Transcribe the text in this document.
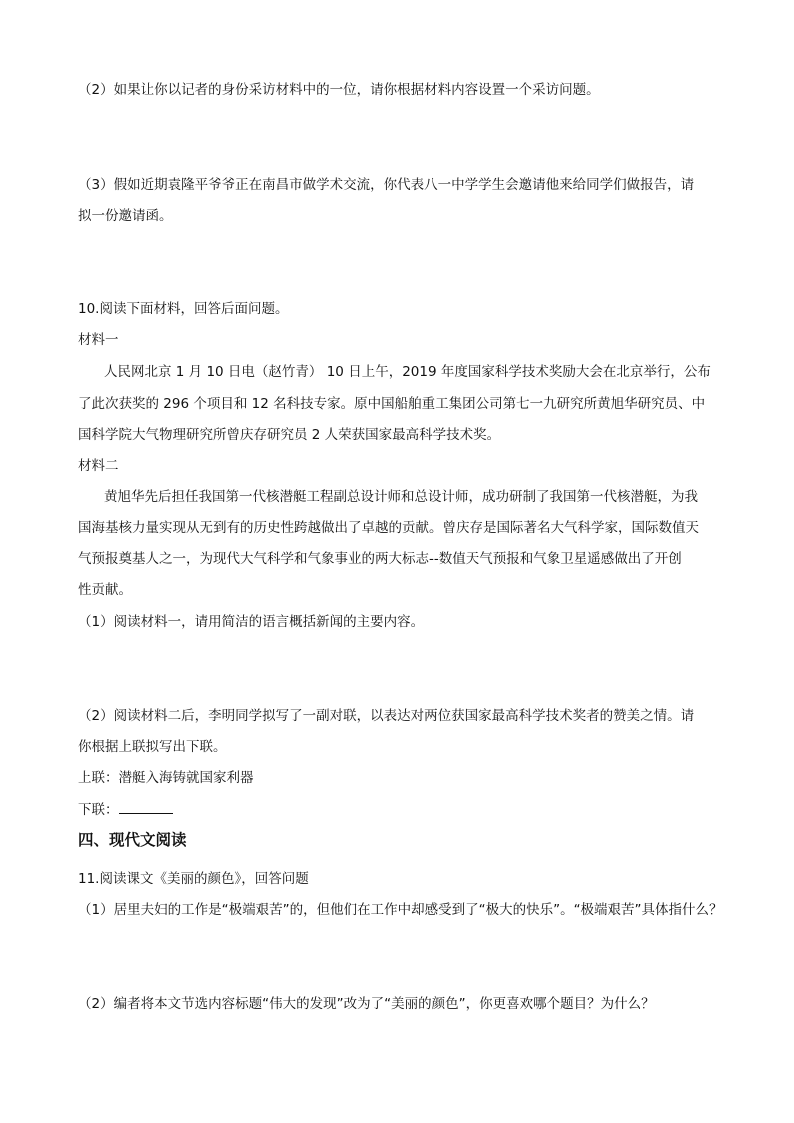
（2）如果让你以记者的身份采访材料中的一位，请你根据材料内容设置一个采访问题。
（3）假如近期袁隆平爷爷正在南昌市做学术交流，你代表八一中学学生会邀请他来给同学们做报告，请
拟一份邀请函。
10.阅读下面材料，回答后面问题。
材料一
人民网北京 1 月 10 日电（赵竹青） 10 日上午，2019 年度国家科学技术奖励大会在北京举行，公布
了此次获奖的 296 个项目和 12 名科技专家。原中国船舶重工集团公司第七一九研究所黄旭华研究员、中
国科学院大气物理研究所曾庆存研究员 2 人荣获国家最高科学技术奖。
材料二
黄旭华先后担任我国第一代核潜艇工程副总设计师和总设计师，成功研制了我国第一代核潜艇，为我
国海基核力量实现从无到有的历史性跨越做出了卓越的贡献。曾庆存是国际著名大气科学家，国际数值天
气预报奠基人之一，为现代大气科学和气象事业的两大标志--数值天气预报和气象卫星遥感做出了开创
性贡献。
（1）阅读材料一，请用简洁的语言概括新闻的主要内容。
（2）阅读材料二后，李明同学拟写了一副对联，以表达对两位获国家最高科学技术奖者的赞美之情。请
你根据上联拟写出下联。
上联：潜艇入海铸就国家利器
下联：
四、现代文阅读
11.阅读课文《美丽的颜色》，回答问题
（1）居里夫妇的工作是“极端艰苦”的，但他们在工作中却感受到了“极大的快乐”。“极端艰苦”具体指什么？
（2）编者将本文节选内容标题“伟大的发现”改为了“美丽的颜色”，你更喜欢哪个题目？为什么？
